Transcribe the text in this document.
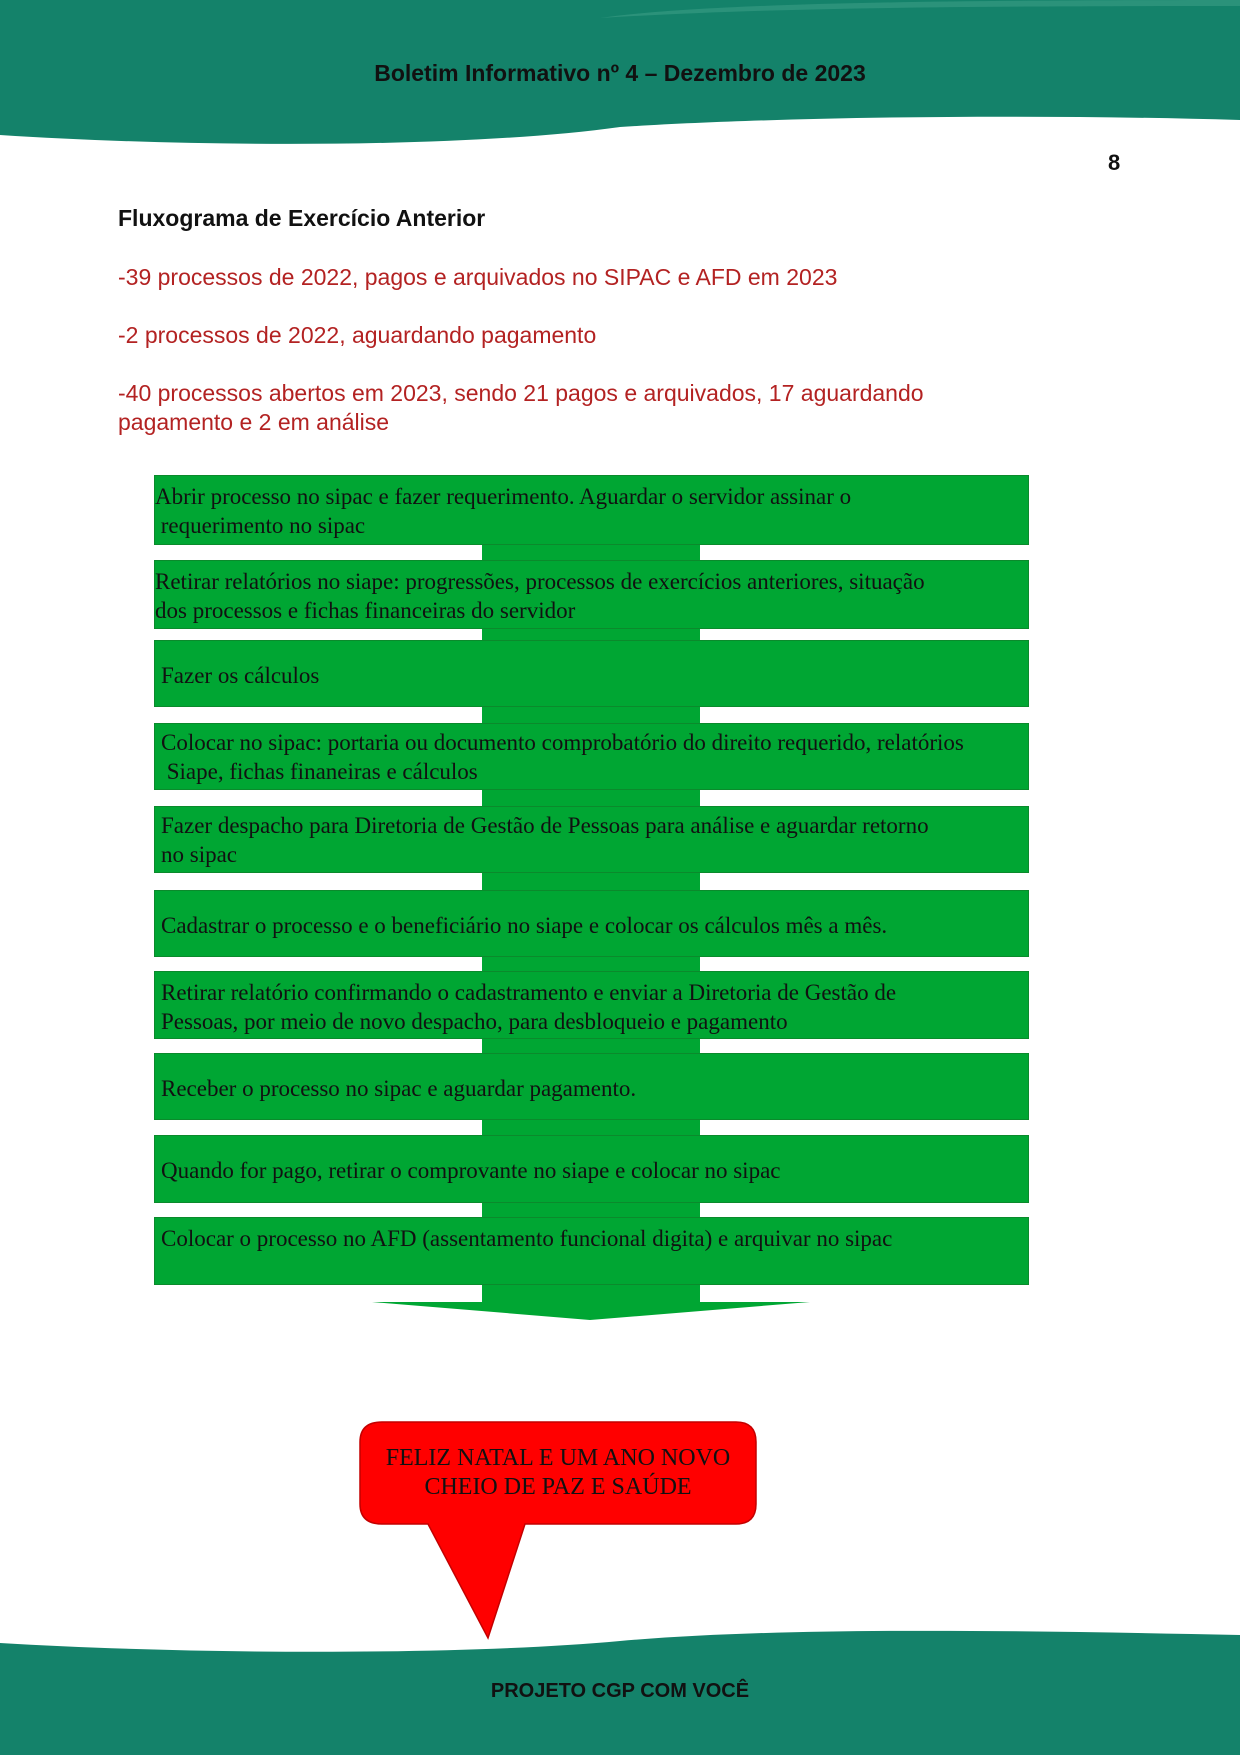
Boletim Informativo nº 4 – Dezembro de 2023
8
Fluxograma de Exercício Anterior
-39 processos de 2022, pagos e arquivados no SIPAC e AFD em 2023
-2 processos de 2022, aguardando pagamento
-40 processos abertos em 2023, sendo 21 pagos e arquivados, 17 aguardando pagamento e 2 em análise
Abrir processo no sipac e fazer requerimento. Aguardar o servidor assinar o
requerimento no sipac
Retirar relatórios no siape: progressões, processos de exercícios anteriores, situação
dos processos e fichas financeiras do servidor
Fazer os cálculos
Colocar no sipac: portaria ou documento comprobatório do direito requerido, relatórios
Siape, fichas finaneiras e cálculos
Fazer despacho para Diretoria de Gestão de Pessoas para análise e aguardar retorno
no sipac
Cadastrar o processo e o beneficiário no siape e colocar os cálculos mês a mês.
Retirar relatório confirmando o cadastramento e enviar a Diretoria de Gestão de
Pessoas, por meio de novo despacho, para desbloqueio e pagamento
Receber o processo no sipac e aguardar pagamento.
Quando for pago, retirar o comprovante no siape e colocar no sipac
Colocar o processo no AFD (assentamento funcional digita) e arquivar no sipac
FELIZ NATAL E UM ANO NOVO CHEIO DE PAZ E SAÚDE
PROJETO CGP COM VOCÊ
